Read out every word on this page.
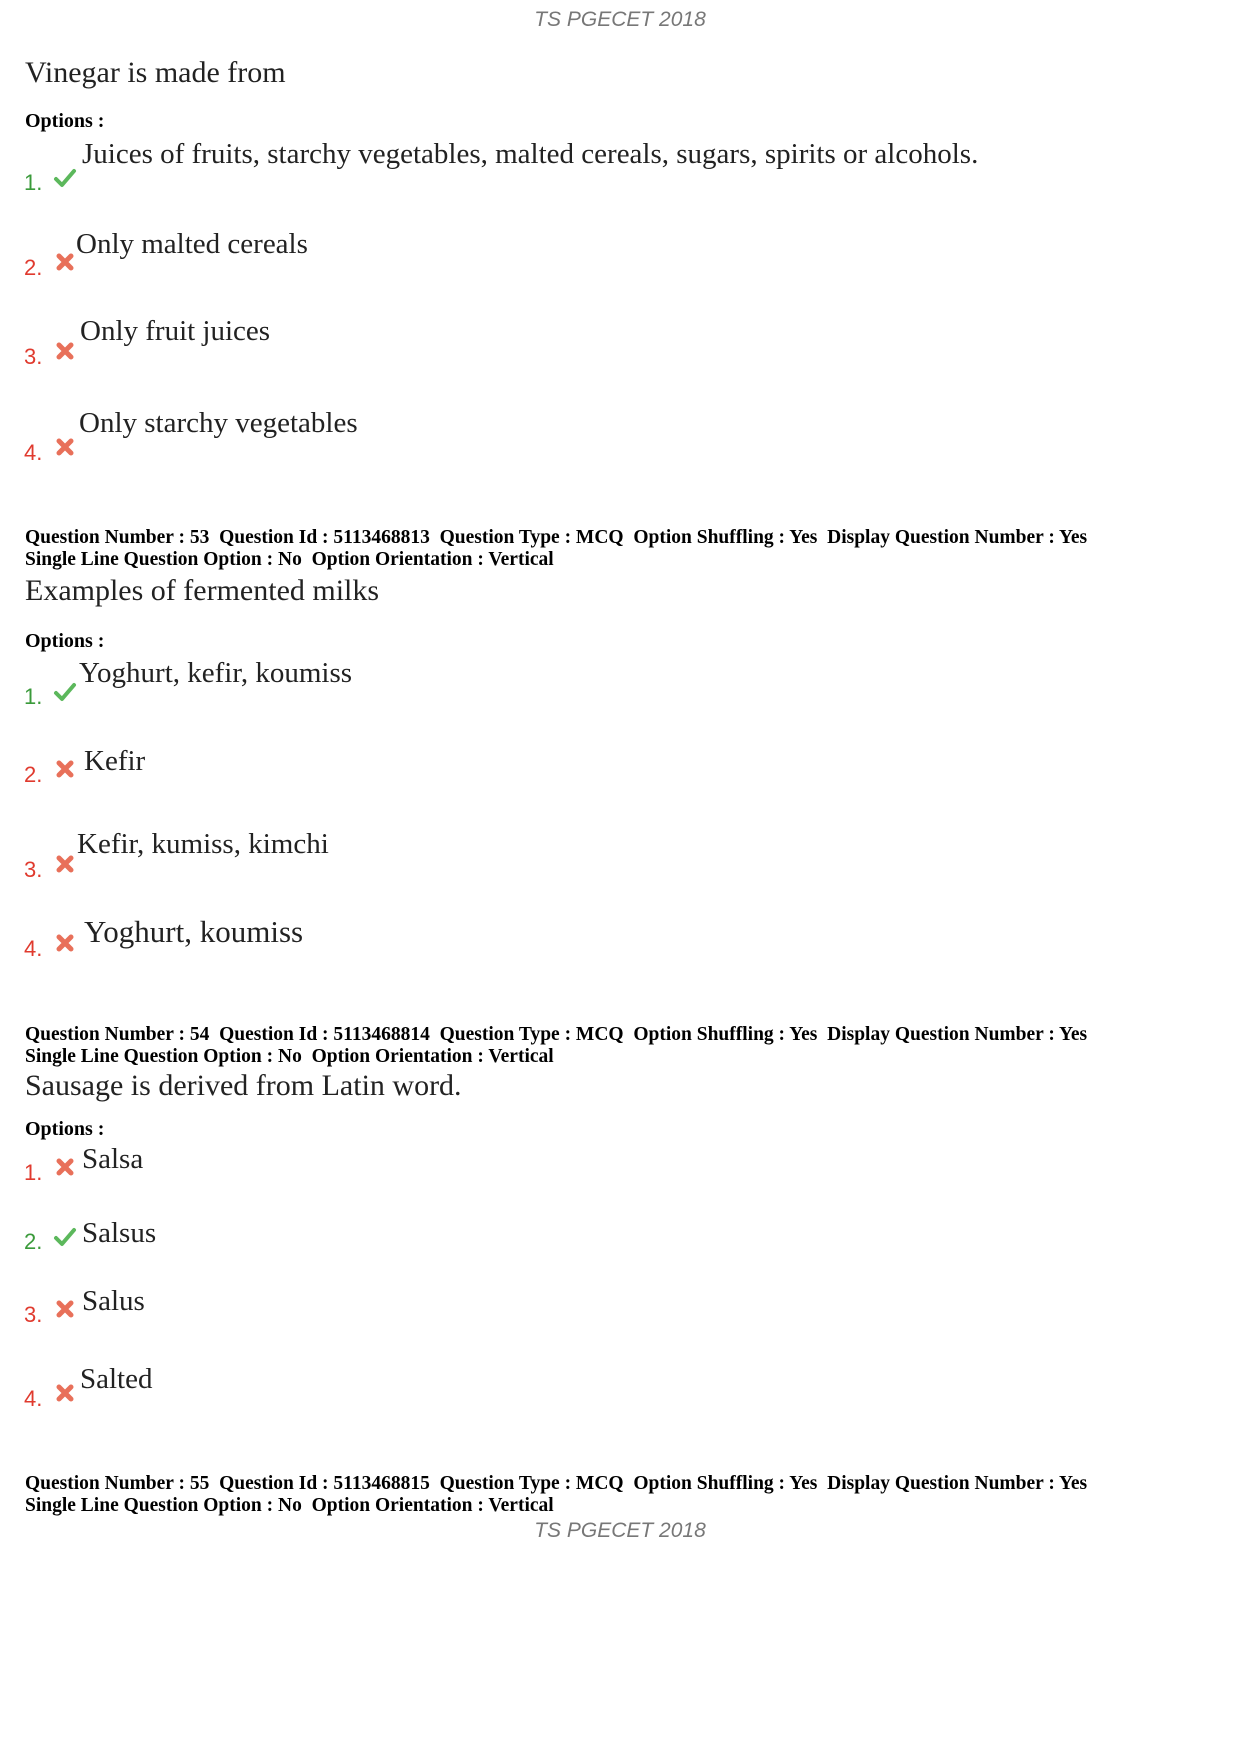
TS PGECET 2018
Vinegar is made from
Options :
1.
Juices of fruits, starchy vegetables, malted cereals, sugars, spirits or alcohols.
2.
Only malted cereals
3.
Only fruit juices
4.
Only starchy vegetables
Question Number : 53  Question Id : 5113468813  Question Type : MCQ  Option Shuffling : Yes  Display Question Number : Yes
Single Line Question Option : No  Option Orientation : Vertical
Examples of fermented milks
Options :
1.
Yoghurt, kefir, koumiss
2. Kefir
3.
Kefir, kumiss, kimchi
4. Yoghurt, koumiss
Question Number : 54  Question Id : 5113468814  Question Type : MCQ  Option Shuffling : Yes  Display Question Number : Yes
Single Line Question Option : No  Option Orientation : Vertical
Sausage is derived from Latin word.
Options :
1. Salsa
2. Salsus
3. Salus
4.
Salted
Question Number : 55  Question Id : 5113468815  Question Type : MCQ  Option Shuffling : Yes  Display Question Number : Yes
Single Line Question Option : No  Option Orientation : Vertical
TS PGECET 2018
